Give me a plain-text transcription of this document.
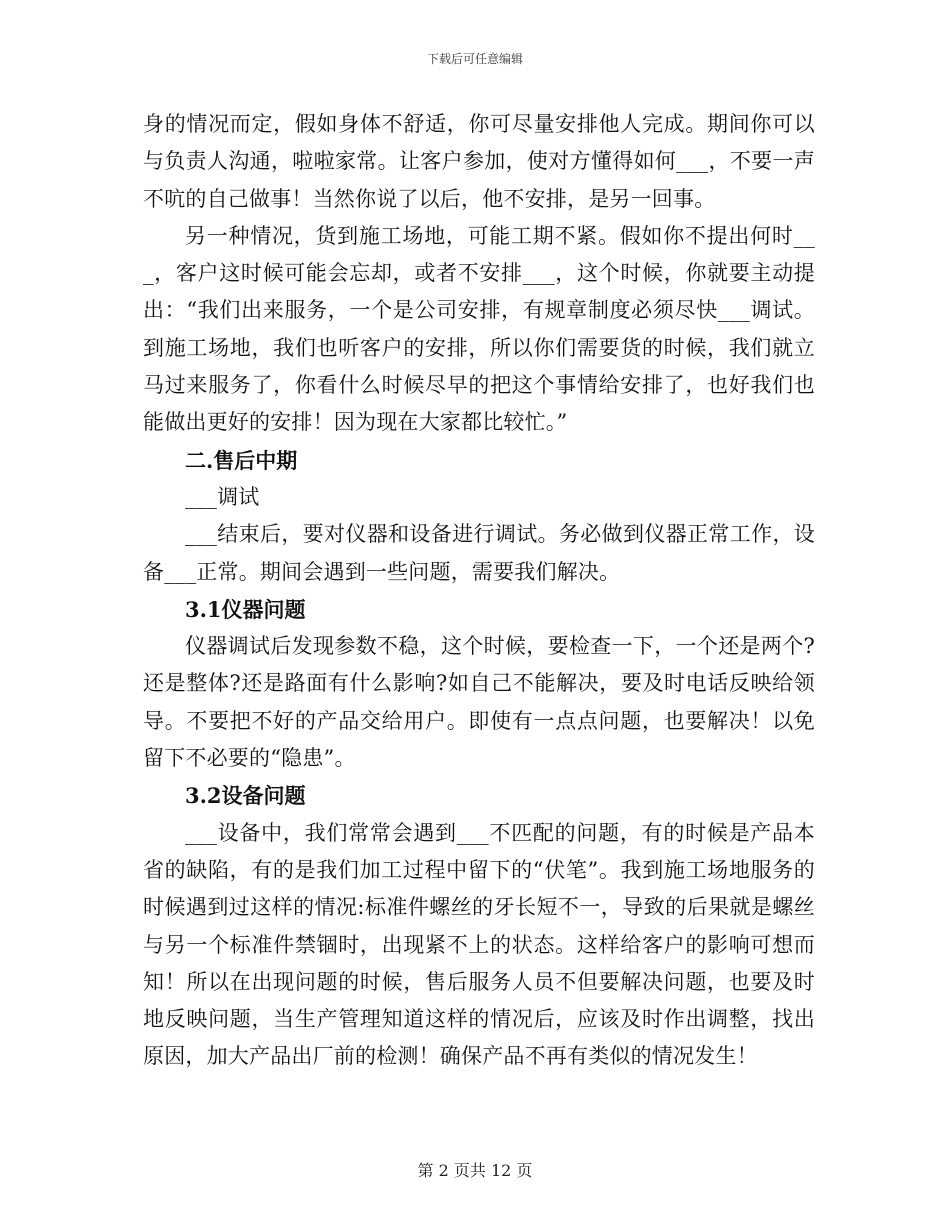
下载后可任意编辑

身的情况而定，假如身体不舒适，你可尽量安排他人完成。期间你可以与负责人沟通，啦啦家常。让客户参加，使对方懂得如何___，不要一声不吭的自己做事！当然你说了以后，他不安排，是另一回事。

另一种情况，货到施工场地，可能工期不紧。假如你不提出何时___，客户这时候可能会忘却，或者不安排___，这个时候，你就要主动提出：“我们出来服务，一个是公司安排，有规章制度必须尽快___调试。到施工场地，我们也听客户的安排，所以你们需要货的时候，我们就立马过来服务了，你看什么时候尽早的把这个事情给安排了，也好我们也能做出更好的安排！因为现在大家都比较忙。”

二.售后中期

___调试

___结束后，要对仪器和设备进行调试。务必做到仪器正常工作，设备___正常。期间会遇到一些问题，需要我们解决。

3.1仪器问题

仪器调试后发现参数不稳，这个时候，要检查一下，一个还是两个?还是整体?还是路面有什么影响?如自己不能解决，要及时电话反映给领导。不要把不好的产品交给用户。即使有一点点问题，也要解决！以免留下不必要的“隐患”。

3.2设备问题

___设备中，我们常常会遇到___不匹配的问题，有的时候是产品本省的缺陷，有的是我们加工过程中留下的“伏笔”。我到施工场地服务的时候遇到过这样的情况:标准件螺丝的牙长短不一，导致的后果就是螺丝与另一个标准件禁锢时，出现紧不上的状态。这样给客户的影响可想而知！所以在出现问题的时候，售后服务人员不但要解决问题，也要及时地反映问题，当生产管理知道这样的情况后，应该及时作出调整，找出原因，加大产品出厂前的检测！确保产品不再有类似的情况发生！

第 2 页共 12 页
